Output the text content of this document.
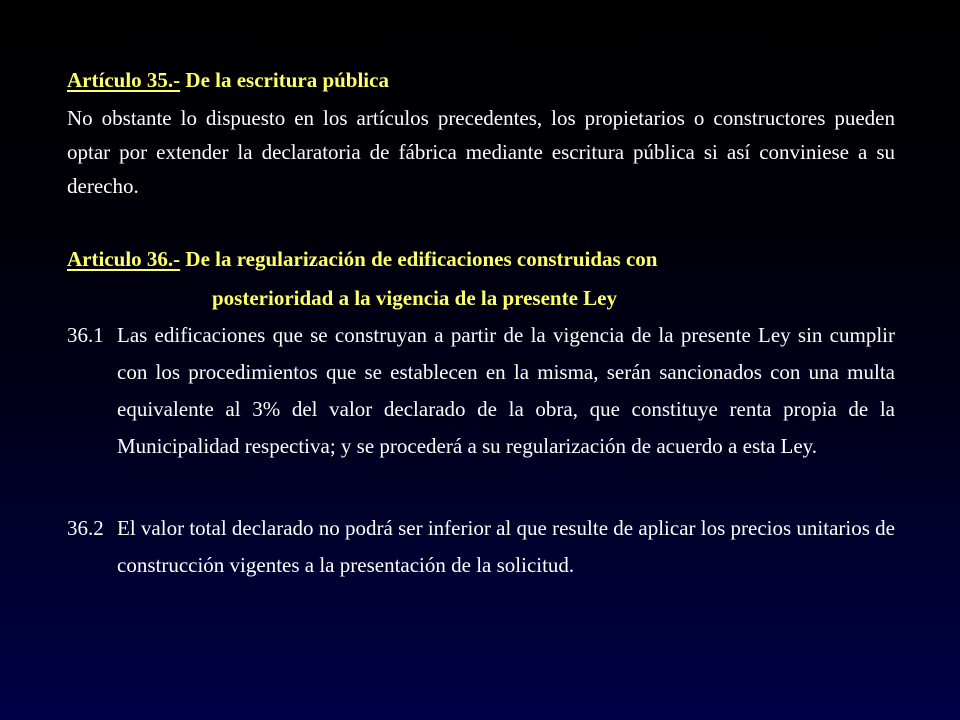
Artículo 35.- De la escritura pública

No obstante lo dispuesto en los artículos precedentes, los propietarios o constructores pueden optar por extender la declaratoria de fábrica mediante escritura pública si así conviniese a su derecho.

Articulo 36.- De la regularización de edificaciones construidas con
posterioridad a la vigencia de la presente Ley
36.1 Las edificaciones que se construyan a partir de la vigencia de la presente Ley sin cumplir con los procedimientos que se establecen en la misma, serán sancionados con una multa equivalente al 3% del valor declarado de la obra, que constituye renta propia de la Municipalidad respectiva; y se procederá a su regularización de acuerdo a esta Ley.
36.2 El valor total declarado no podrá ser inferior al que resulte de aplicar los precios unitarios de construcción vigentes a la presentación de la solicitud.
